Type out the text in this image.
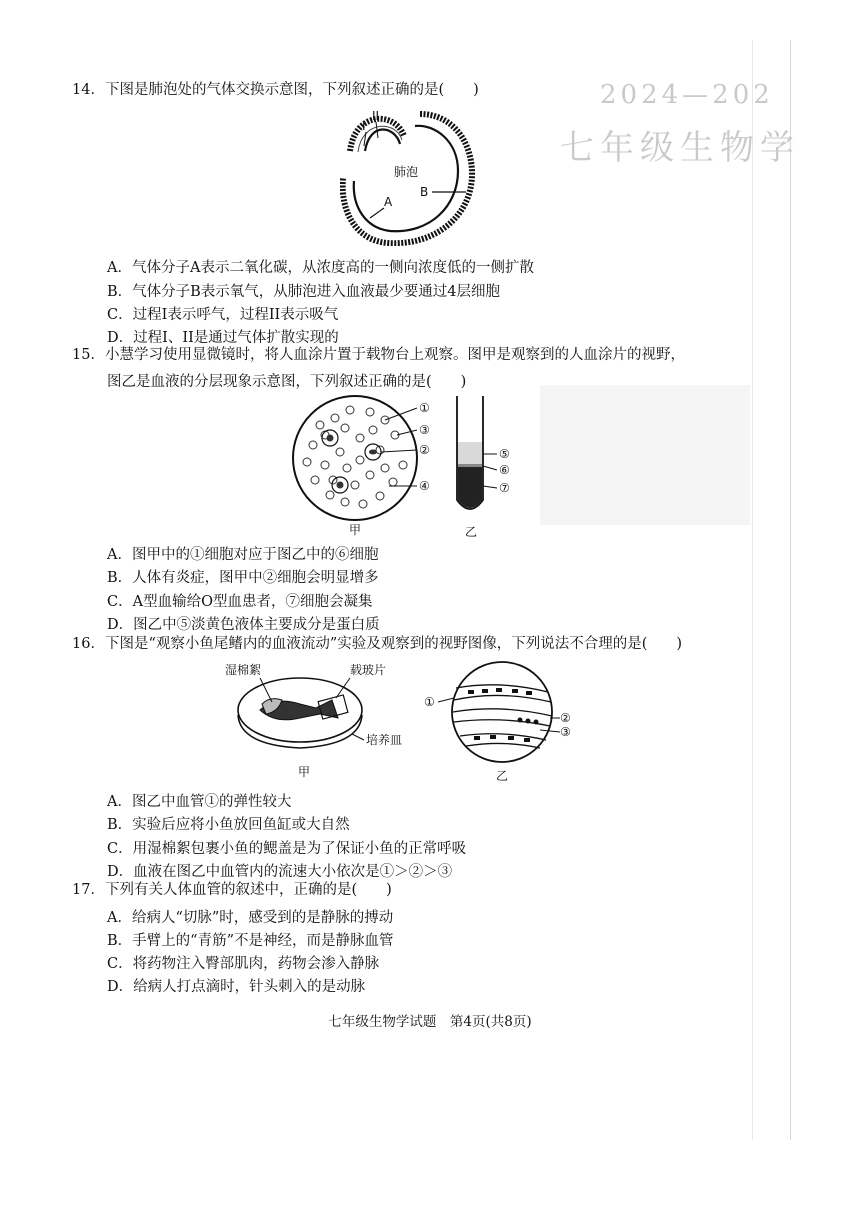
2024—202
七年级生物学
14．下图是肺泡处的气体交换示意图，下列叙述正确的是(　　)
肺泡
B
A
I
II
A．气体分子A表示二氧化碳，从浓度高的一侧向浓度低的一侧扩散
B．气体分子B表示氧气，从肺泡进入血液最少要通过4层细胞
C．过程I表示呼气，过程II表示吸气
D．过程I、II是通过气体扩散实现的
15．小慧学习使用显微镜时，将人血涂片置于载物台上观察。图甲是观察到的人血涂片的视野，
图乙是血液的分层现象示意图，下列叙述正确的是(　　)
①
③
②
④
甲
⑤
⑥
⑦
乙
A．图甲中的①细胞对应于图乙中的⑥细胞
B．人体有炎症，图甲中②细胞会明显增多
C．A型血输给O型血患者，⑦细胞会凝集
D．图乙中⑤淡黄色液体主要成分是蛋白质
16．下图是“观察小鱼尾鳍内的血液流动”实验及观察到的视野图像，下列说法不合理的是(　　)
湿棉絮	载玻片
培养皿
甲
①
②
③
乙
A．图乙中血管①的弹性较大
B．实验后应将小鱼放回鱼缸或大自然
C．用湿棉絮包裹小鱼的鳃盖是为了保证小鱼的正常呼吸
D．血液在图乙中血管内的流速大小依次是①＞②＞③
17．下列有关人体血管的叙述中，正确的是(　　)
A．给病人“切脉”时，感受到的是静脉的搏动
B．手臂上的“青筋”不是神经，而是静脉血管
C．将药物注入臀部肌肉，药物会渗入静脉
D．给病人打点滴时，针头刺入的是动脉
七年级生物学试题　第4页(共8页)
